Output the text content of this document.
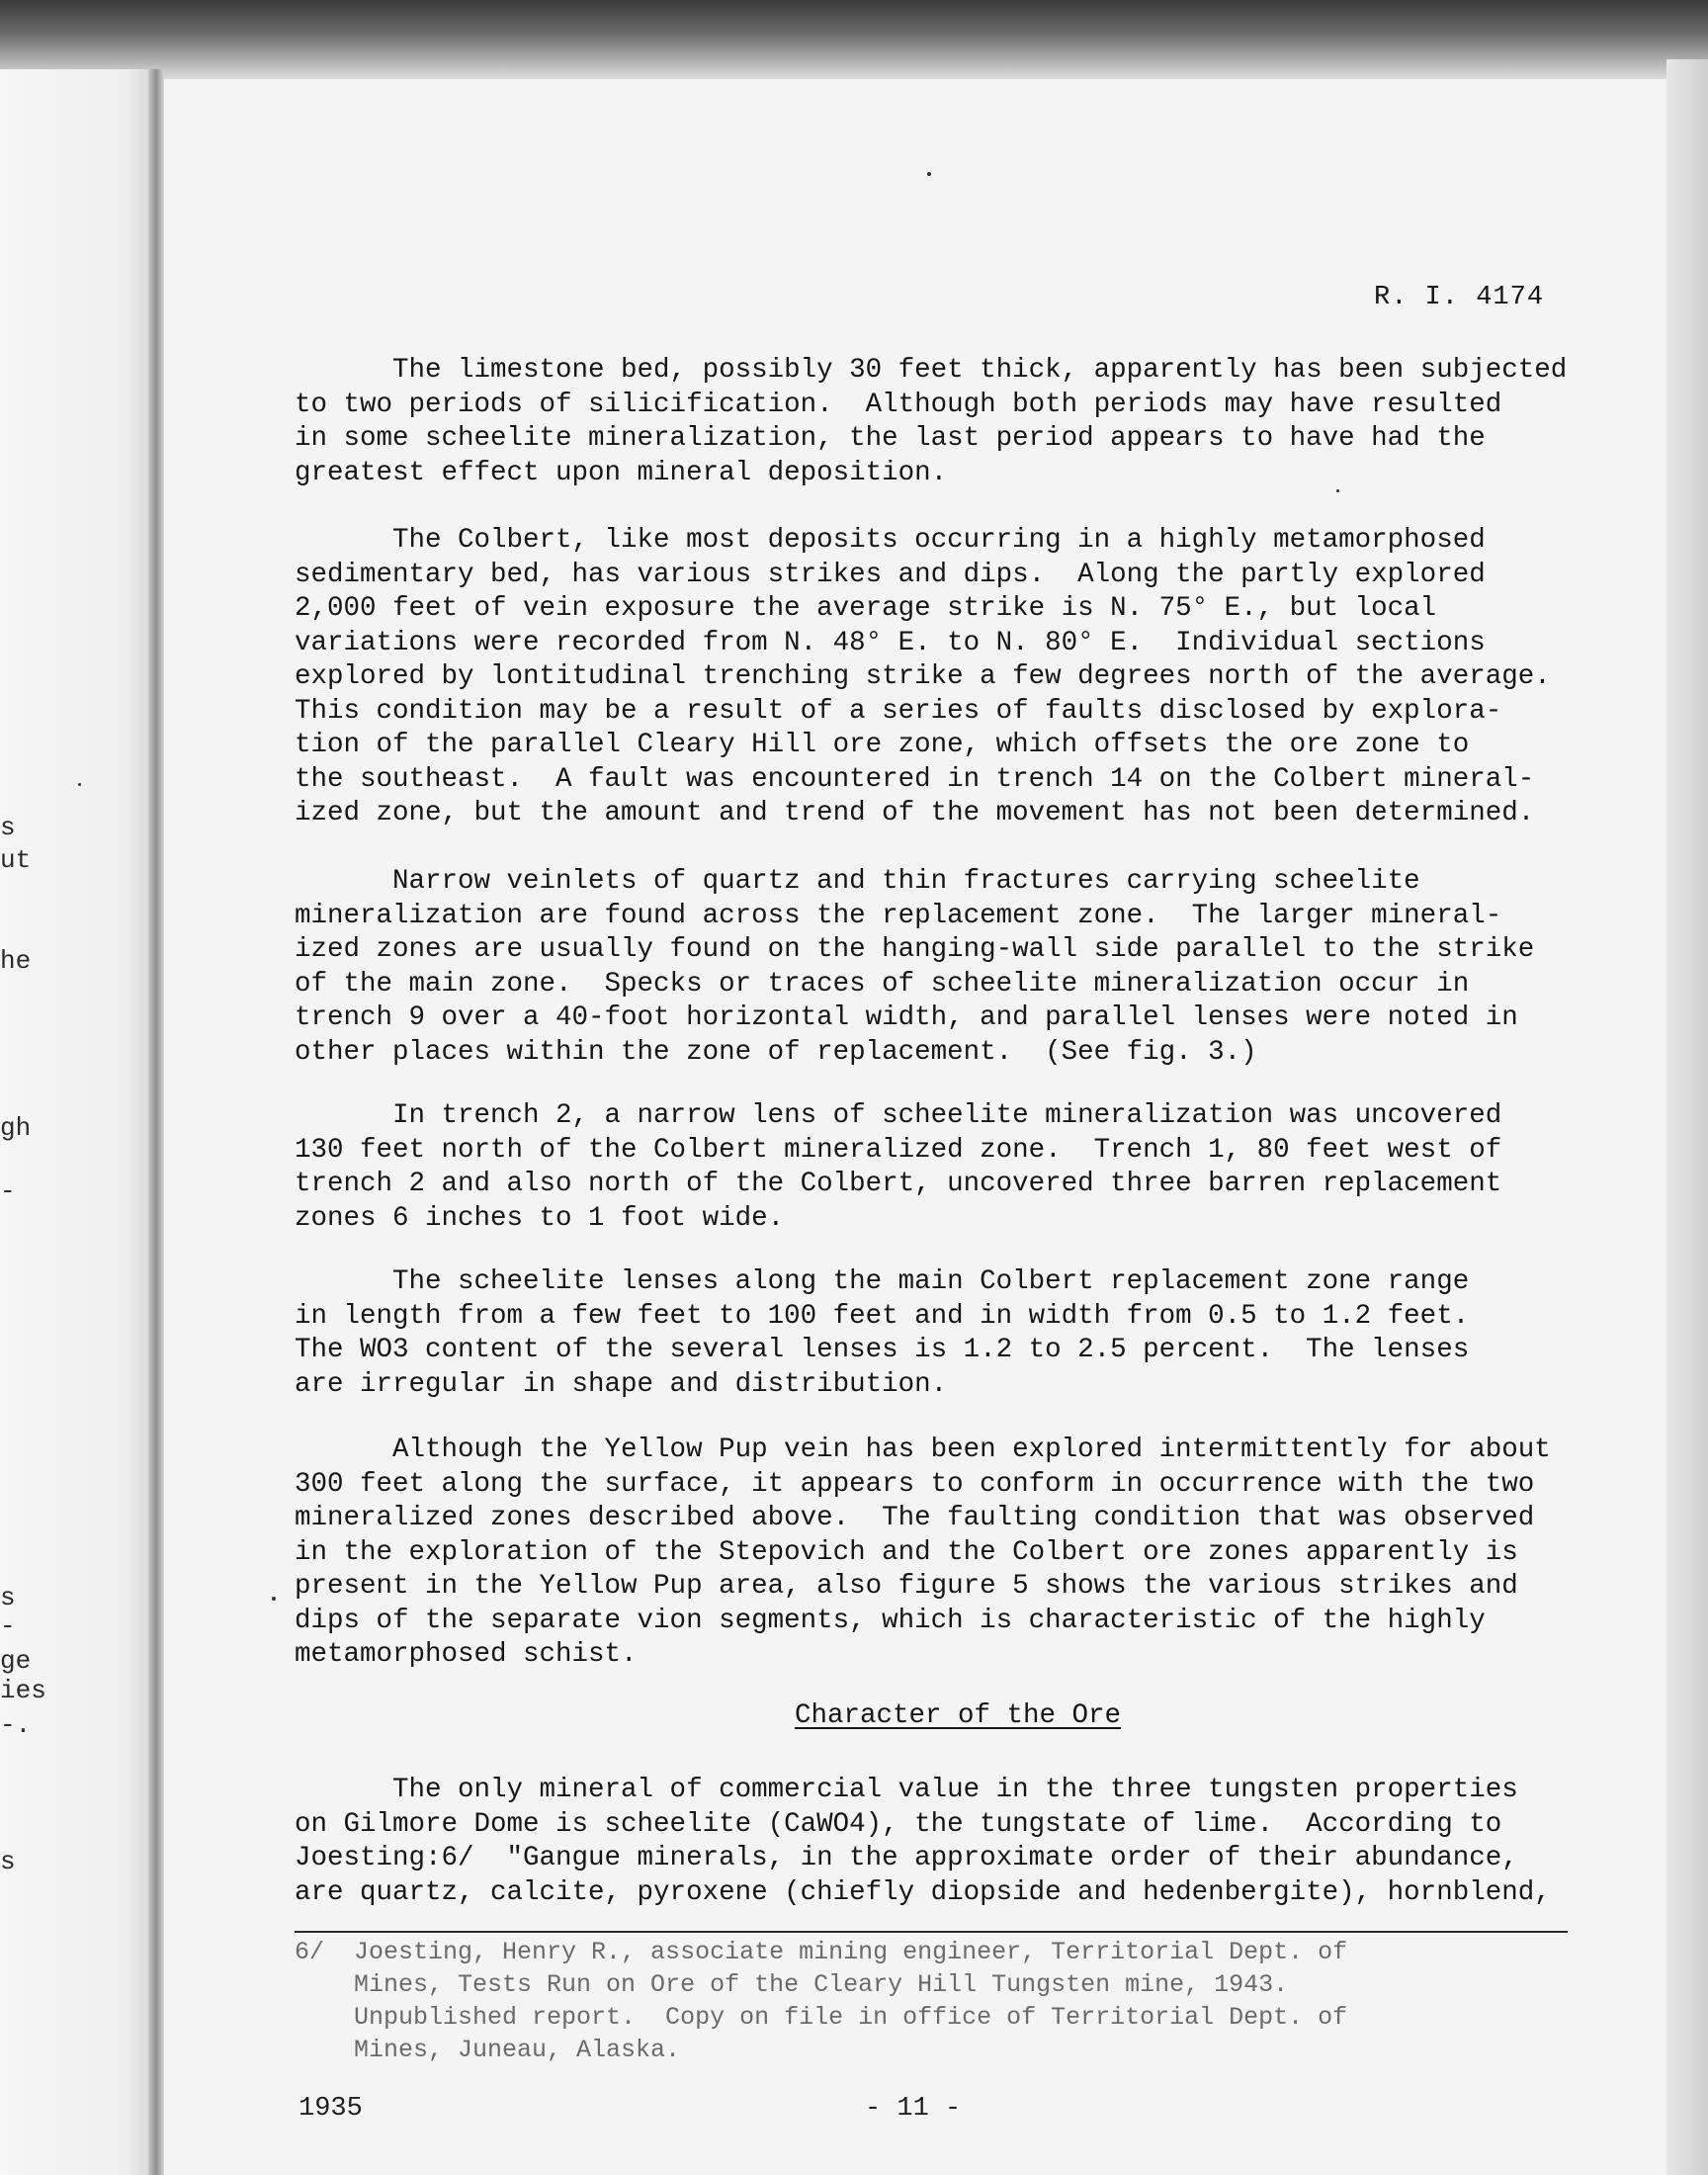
s
ut
he
gh
-
s
-
ge
ies
-.
s
R. I. 4174
The limestone bed, possibly 30 feet thick, apparently has been subjected
to two periods of silicification.  Although both periods may have resulted
in some scheelite mineralization, the last period appears to have had the
greatest effect upon mineral deposition.
The Colbert, like most deposits occurring in a highly metamorphosed
sedimentary bed, has various strikes and dips.  Along the partly explored
2,000 feet of vein exposure the average strike is N. 75° E., but local
variations were recorded from N. 48° E. to N. 80° E.  Individual sections
explored by lontitudinal trenching strike a few degrees north of the average.
This condition may be a result of a series of faults disclosed by explora-
tion of the parallel Cleary Hill ore zone, which offsets the ore zone to
the southeast.  A fault was encountered in trench 14 on the Colbert mineral-
ized zone, but the amount and trend of the movement has not been determined.
Narrow veinlets of quartz and thin fractures carrying scheelite
mineralization are found across the replacement zone.  The larger mineral-
ized zones are usually found on the hanging-wall side parallel to the strike
of the main zone.  Specks or traces of scheelite mineralization occur in
trench 9 over a 40-foot horizontal width, and parallel lenses were noted in
other places within the zone of replacement.  (See fig. 3.)
In trench 2, a narrow lens of scheelite mineralization was uncovered
130 feet north of the Colbert mineralized zone.  Trench 1, 80 feet west of
trench 2 and also north of the Colbert, uncovered three barren replacement
zones 6 inches to 1 foot wide.
The scheelite lenses along the main Colbert replacement zone range
in length from a few feet to 100 feet and in width from 0.5 to 1.2 feet.
The WO3 content of the several lenses is 1.2 to 2.5 percent.  The lenses
are irregular in shape and distribution.
Although the Yellow Pup vein has been explored intermittently for about
300 feet along the surface, it appears to conform in occurrence with the two
mineralized zones described above.  The faulting condition that was observed
in the exploration of the Stepovich and the Colbert ore zones apparently is
present in the Yellow Pup area, also figure 5 shows the various strikes and
dips of the separate vion segments, which is characteristic of the highly
metamorphosed schist.
Character of the Ore
The only mineral of commercial value in the three tungsten properties
on Gilmore Dome is scheelite (CaWO4), the tungstate of lime.  According to
Joesting:6/  "Gangue minerals, in the approximate order of their abundance,
are quartz, calcite, pyroxene (chiefly diopside and hedenbergite), hornblend,
6/  Joesting, Henry R., associate mining engineer, Territorial Dept. of
Mines, Tests Run on Ore of the Cleary Hill Tungsten mine, 1943.
Unpublished report.  Copy on file in office of Territorial Dept. of
Mines, Juneau, Alaska.
1935	- 11 -
